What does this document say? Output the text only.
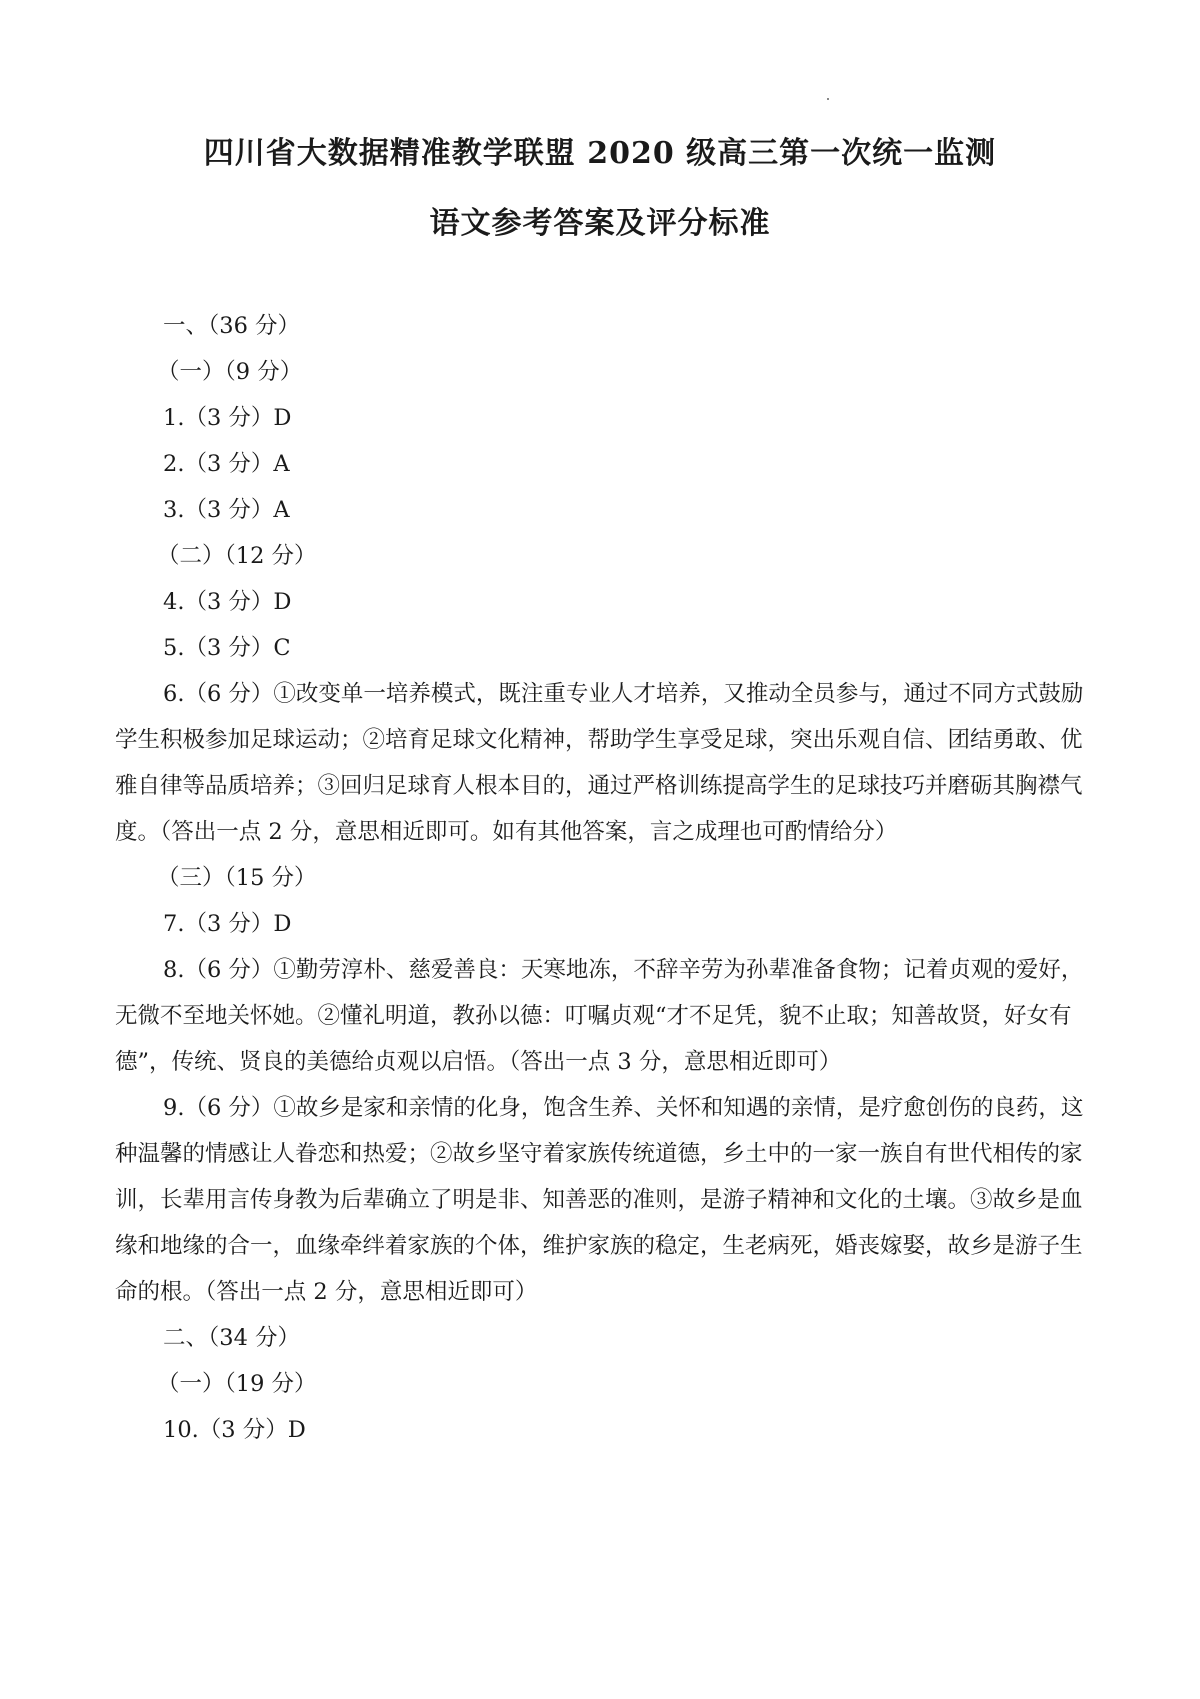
四川省大数据精准教学联盟 2020 级高三第一次统一监测
语文参考答案及评分标准

一、（36 分）

（一）（9 分）

1.（3 分）D

2.（3 分）A

3.（3 分）A

（二）（12 分）

4.（3 分）D

5.（3 分）C

6.（6 分）①改变单一培养模式，既注重专业人才培养，又推动全员参与，通过不同方式鼓励学生积极参加足球运动；②培育足球文化精神，帮助学生享受足球，突出乐观自信、团结勇敢、优雅自律等品质培养；③回归足球育人根本目的，通过严格训练提高学生的足球技巧并磨砺其胸襟气度。（答出一点 2 分，意思相近即可。如有其他答案，言之成理也可酌情给分）

（三）（15 分）

7.（3 分）D

8.（6 分）①勤劳淳朴、慈爱善良：天寒地冻，不辞辛劳为孙辈准备食物；记着贞观的爱好，无微不至地关怀她。②懂礼明道，教孙以德：叮嘱贞观“才不足凭，貌不止取；知善故贤，好女有德”，传统、贤良的美德给贞观以启悟。（答出一点 3 分，意思相近即可）

9.（6 分）①故乡是家和亲情的化身，饱含生养、关怀和知遇的亲情，是疗愈创伤的良药，这种温馨的情感让人眷恋和热爱；②故乡坚守着家族传统道德，乡土中的一家一族自有世代相传的家训，长辈用言传身教为后辈确立了明是非、知善恶的准则，是游子精神和文化的土壤。③故乡是血缘和地缘的合一，血缘牵绊着家族的个体，维护家族的稳定，生老病死，婚丧嫁娶，故乡是游子生命的根。（答出一点 2 分，意思相近即可）

二、（34 分）

（一）（19 分）

10.（3 分）D
